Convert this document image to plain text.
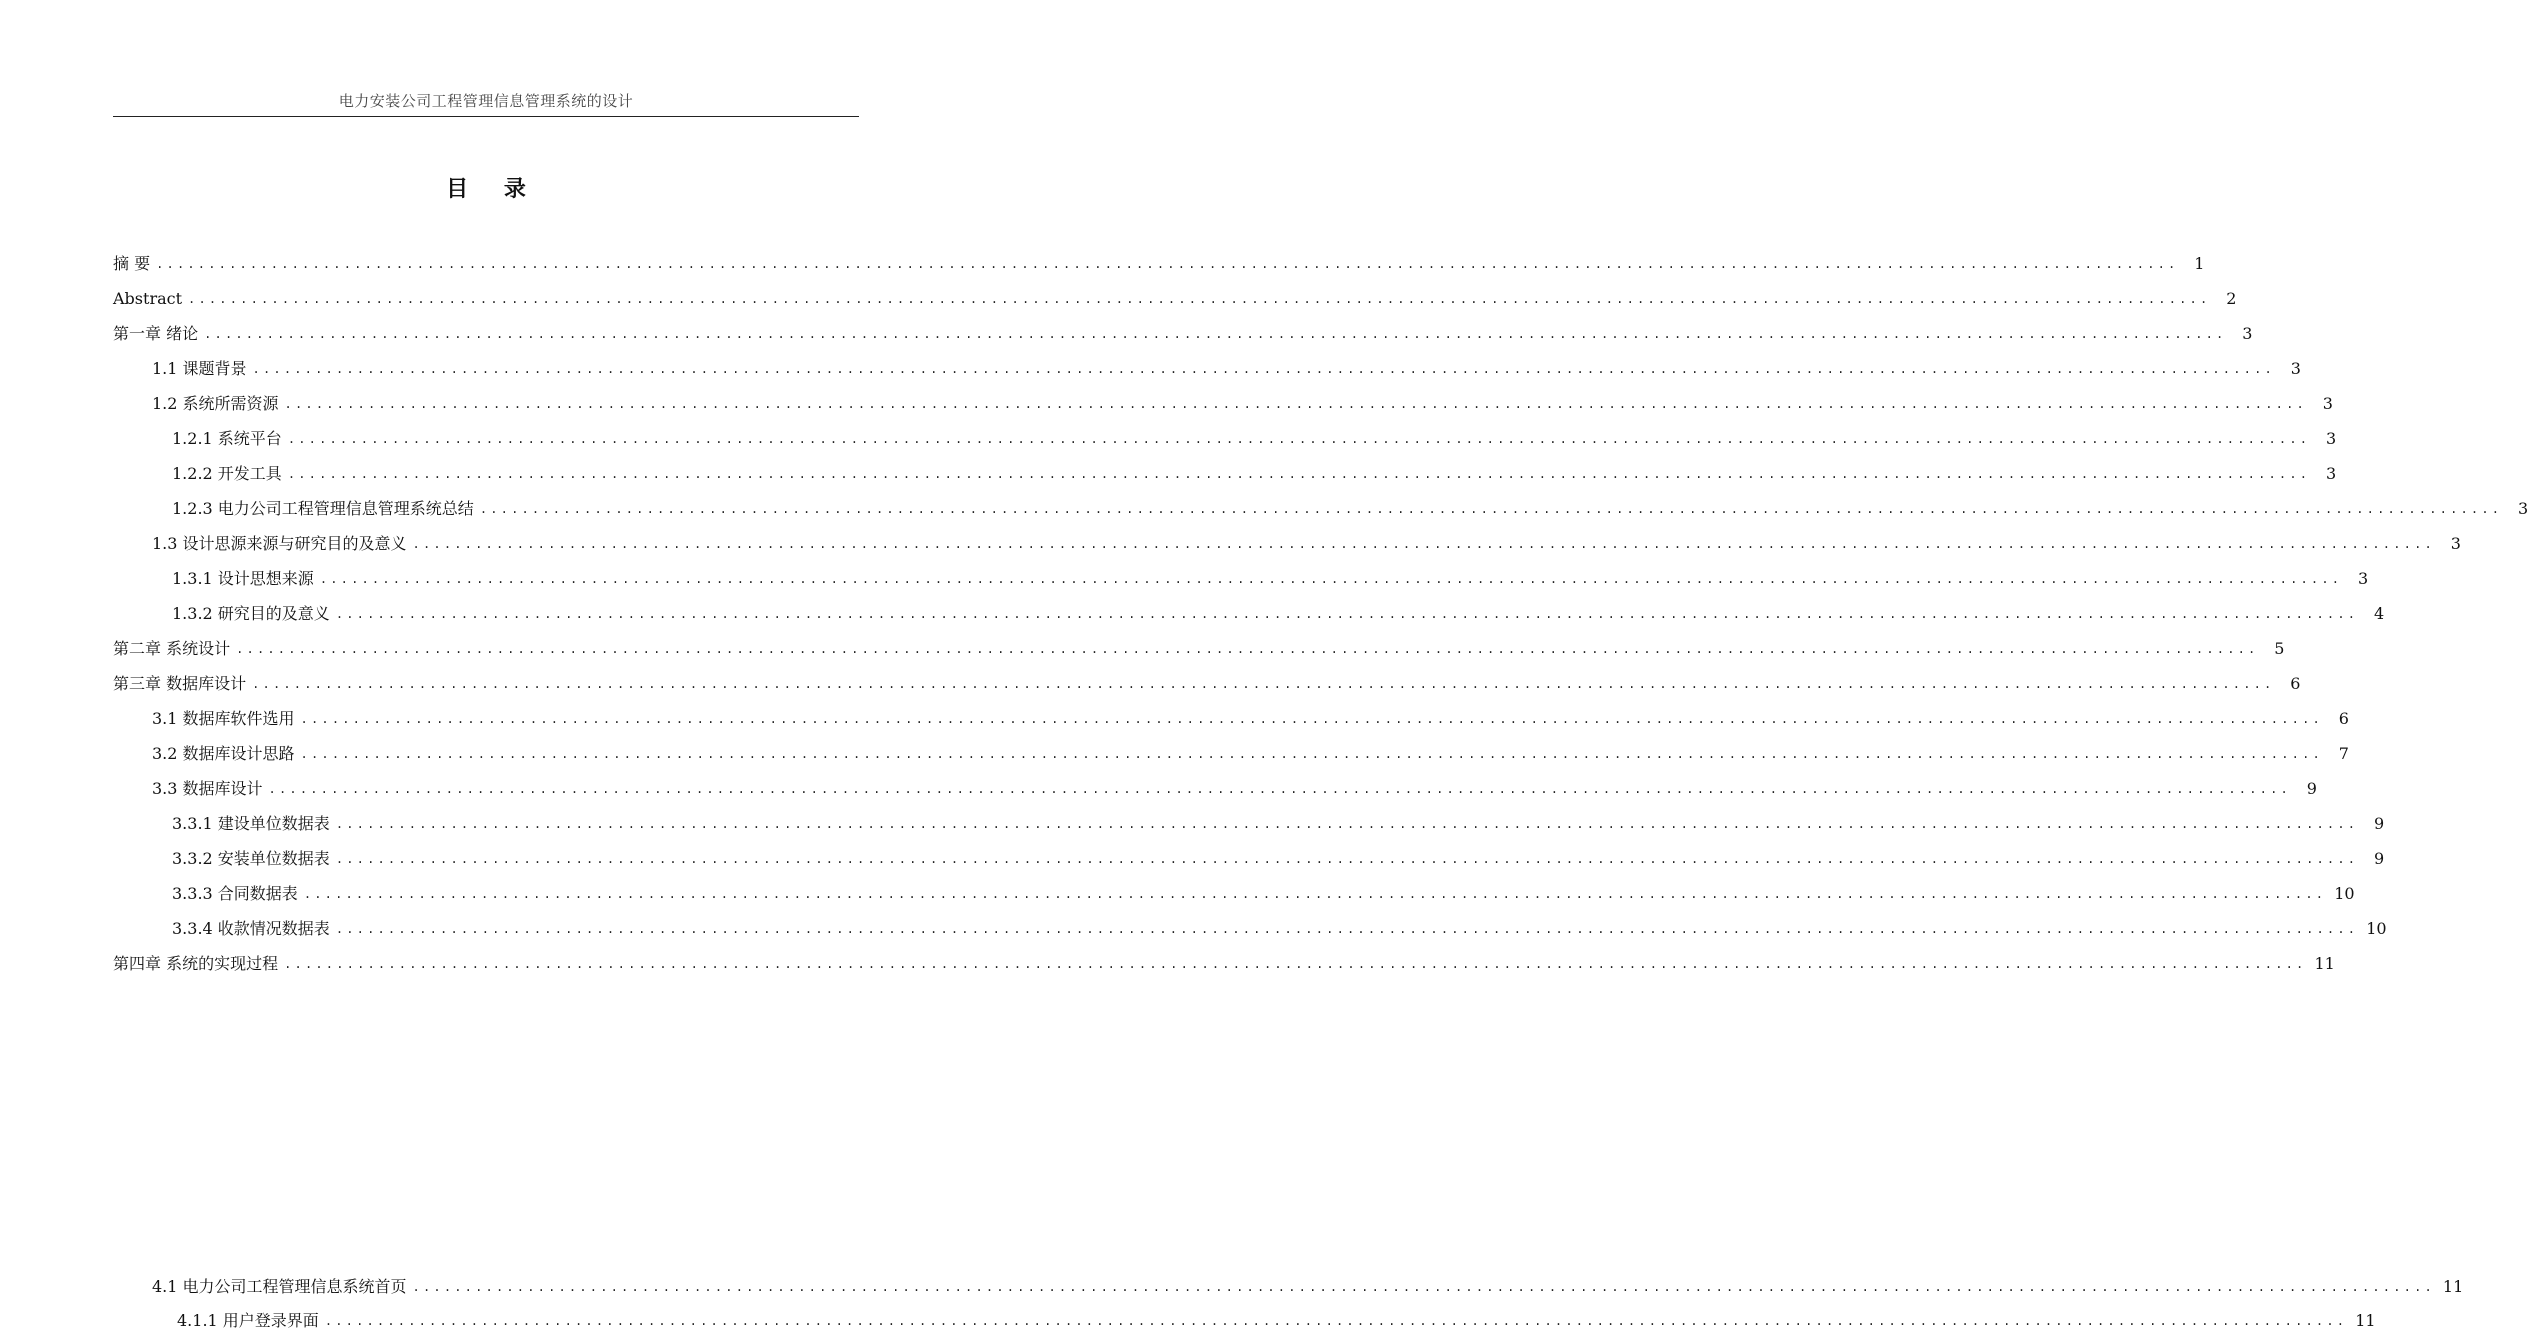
电力安装公司工程管理信息管理系统的设计
目 录
摘 要 .................................................................................................................................................................................................. 1
Abstract .................................................................................................................................................................................................. 2
第一章 绪论 .................................................................................................................................................................................................. 3
1.1 课题背景 .................................................................................................................................................................................................. 3
1.2 系统所需资源 .................................................................................................................................................................................................. 3
1.2.1 系统平台 .................................................................................................................................................................................................. 3
1.2.2 开发工具 .................................................................................................................................................................................................. 3
1.2.3 电力公司工程管理信息管理系统总结 .................................................................................................................................................................................................. 3
1.3 设计思源来源与研究目的及意义 .................................................................................................................................................................................................. 3
1.3.1 设计思想来源 .................................................................................................................................................................................................. 3
1.3.2 研究目的及意义 .................................................................................................................................................................................................. 4
第二章 系统设计 .................................................................................................................................................................................................. 5
第三章 数据库设计 .................................................................................................................................................................................................. 6
3.1 数据库软件选用 .................................................................................................................................................................................................. 6
3.2 数据库设计思路 .................................................................................................................................................................................................. 7
3.3 数据库设计 .................................................................................................................................................................................................. 9
3.3.1 建设单位数据表 .................................................................................................................................................................................................. 9
3.3.2 安装单位数据表 .................................................................................................................................................................................................. 9
3.3.3 合同数据表 .................................................................................................................................................................................................. 10
3.3.4 收款情况数据表 .................................................................................................................................................................................................. 10
第四章 系统的实现过程 .................................................................................................................................................................................................. 11
4.1 电力公司工程管理信息系统首页 .................................................................................................................................................................................................. 11
4.1.1 用户登录界面 .................................................................................................................................................................................................. 11
